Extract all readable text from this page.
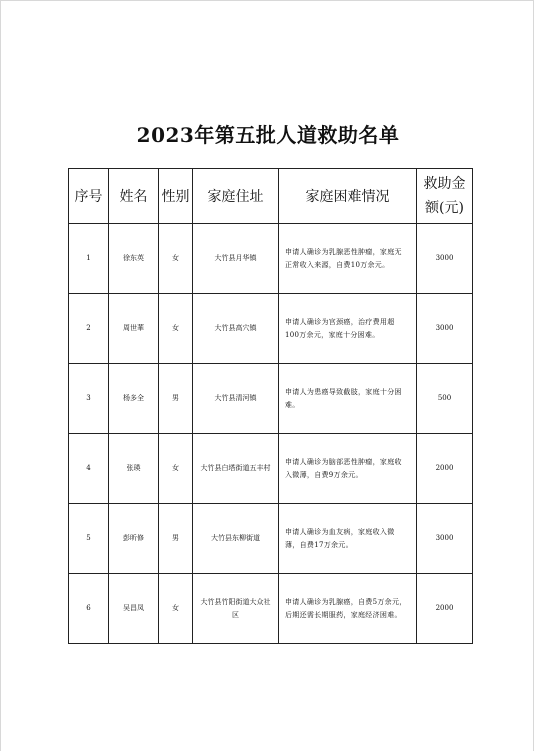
2023年第五批人道救助名单
序号	姓名	性别	家庭住址	家庭困难情况	救助金
额(元)
1	徐东英	女	大竹县月华镇	申请人确诊为乳腺恶性肿瘤，家庭无正常收入来源，自费10万余元。	3000
2	周世華	女	大竹县高穴镇	申请人确诊为宫颈癌，治疗费用超100万余元，家庭十分困难。	3000
3	杨多全	男	大竹县清河镇	申请人为患癌导致截肢，家庭十分困难。	500
4	张瑛	女	大竹县白塔街道五丰村	申请人确诊为脑部恶性肿瘤，家庭收入微薄，自费9万余元。	2000
5	彭昕修	男	大竹县东柳街道	申请人确诊为血友病，家庭收入微薄，自费17万余元。	3000
6	吴昌凤	女	大竹县竹阳街道大众社区	申请人确诊为乳腺癌，自费5万余元，后期还需长期服药，家庭经济困难。	2000
